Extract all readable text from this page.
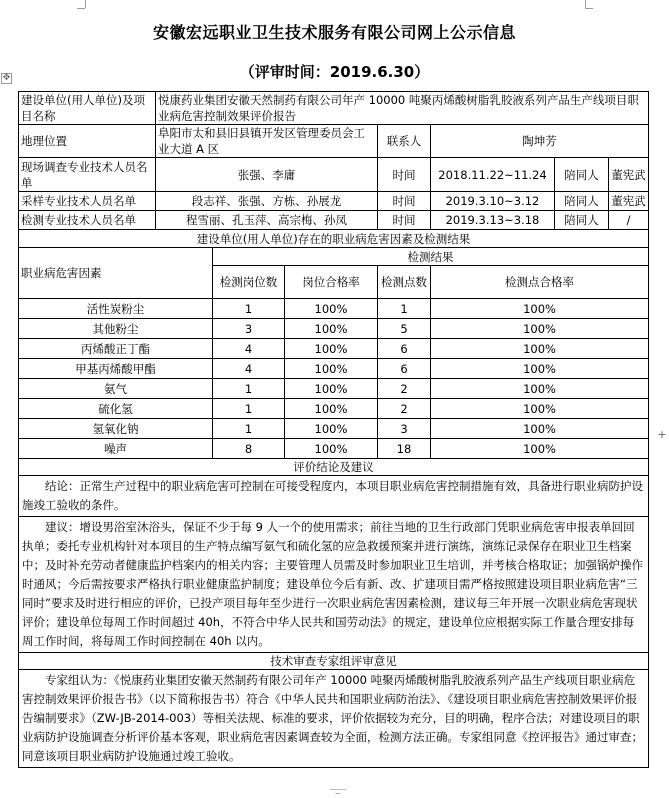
安徽宏远职业卫生技术服务有限公司网上公示信息
（评审时间：2019.6.30）
✥
建设单位(用人单位)及项目名称	悦康药业集团安徽天然制药有限公司年产 10000 吨聚丙烯酸树脂乳胶液系列产品生产线项目职业病危害控制效果评价报告						
地理位置	阜阳市太和县旧县镇开发区管理委员会工业大道 A 区			联系人	陶坤芳		
现场调查专业技术人员名单	张强、李庸			时间	2018.11.22~11.24	陪同人	董宪武
采样专业技术人员名单	段志祥、张强、方栋、孙展龙			时间	2019.3.10~3.12	陪同人	董宪武
检测专业技术人员名单	程雪丽、孔玉萍、高宗梅、孙凤			时间	2019.3.13~3.18	陪同人	/
建设单位(用人单位)存在的职业病危害因素及检测结果							
职业病危害因素		检测结果					
		检测岗位数	岗位合格率	检测点数	检测点合格率		
活性炭粉尘		1	100%	1	100%		
其他粉尘		3	100%	5	100%		
丙烯酸正丁酯		4	100%	6	100%		
甲基丙烯酸甲酯		4	100%	6	100%		
氨气		1	100%	2	100%		
硫化氢		1	100%	2	100%		
氢氧化钠		1	100%	3	100%		
噪声		8	100%	18	100%		
评价结论及建议							
结论：正常生产过程中的职业病危害可控制在可接受程度内，本项目职业病危害控制措施有效，具备进行职业病防护设施竣工验收的条件。							
建议：增设男浴室沐浴头，保证不少于每 9 人一个的使用需求；前往当地的卫生行政部门凭职业病危害申报表单回回执单；委托专业机构针对本项目的生产特点编写氨气和硫化氢的应急救援预案并进行演练，演练记录保存在职业卫生档案中；及时补充劳动者健康监护档案内的相关内容；主要管理人员需及时参加职业卫生培训，并考核合格取证；加强锅炉操作时通风；今后需按要求严格执行职业健康监护制度；建设单位今后有新、改、扩建项目需严格按照建设项目职业病危害“三同时”要求及时进行相应的评价，已投产项目每年至少进行一次职业病危害因素检测，建议每三年开展一次职业病危害现状评价；建设单位每周工作时间超过 40h，不符合中华人民共和国劳动法》的规定，建设单位应根据实际工作量合理安排每周工作时间，将每周工作时间控制在 40h 以内。							
技术审查专家组评审意见							
专家组认为：《悦康药业集团安徽天然制药有限公司年产 10000 吨聚丙烯酸树脂乳胶液系列产品生产线项目职业病危害控制效果评价报告书》（以下简称报告书）符合《中华人民共和国职业病防治法》、《建设项目职业病危害控制效果评价报告编制要求》（ZW-JB-2014-003）等相关法规、标准的要求，评价依据较为充分，目的明确，程序合法；对建设项目的职业病防护设施调查分析评价基本客观，职业病危害因素调查较为全面，检测方法正确。专家组同意《控评报告》通过审查；同意该项目职业病防护设施通过竣工验收。							
+
~
